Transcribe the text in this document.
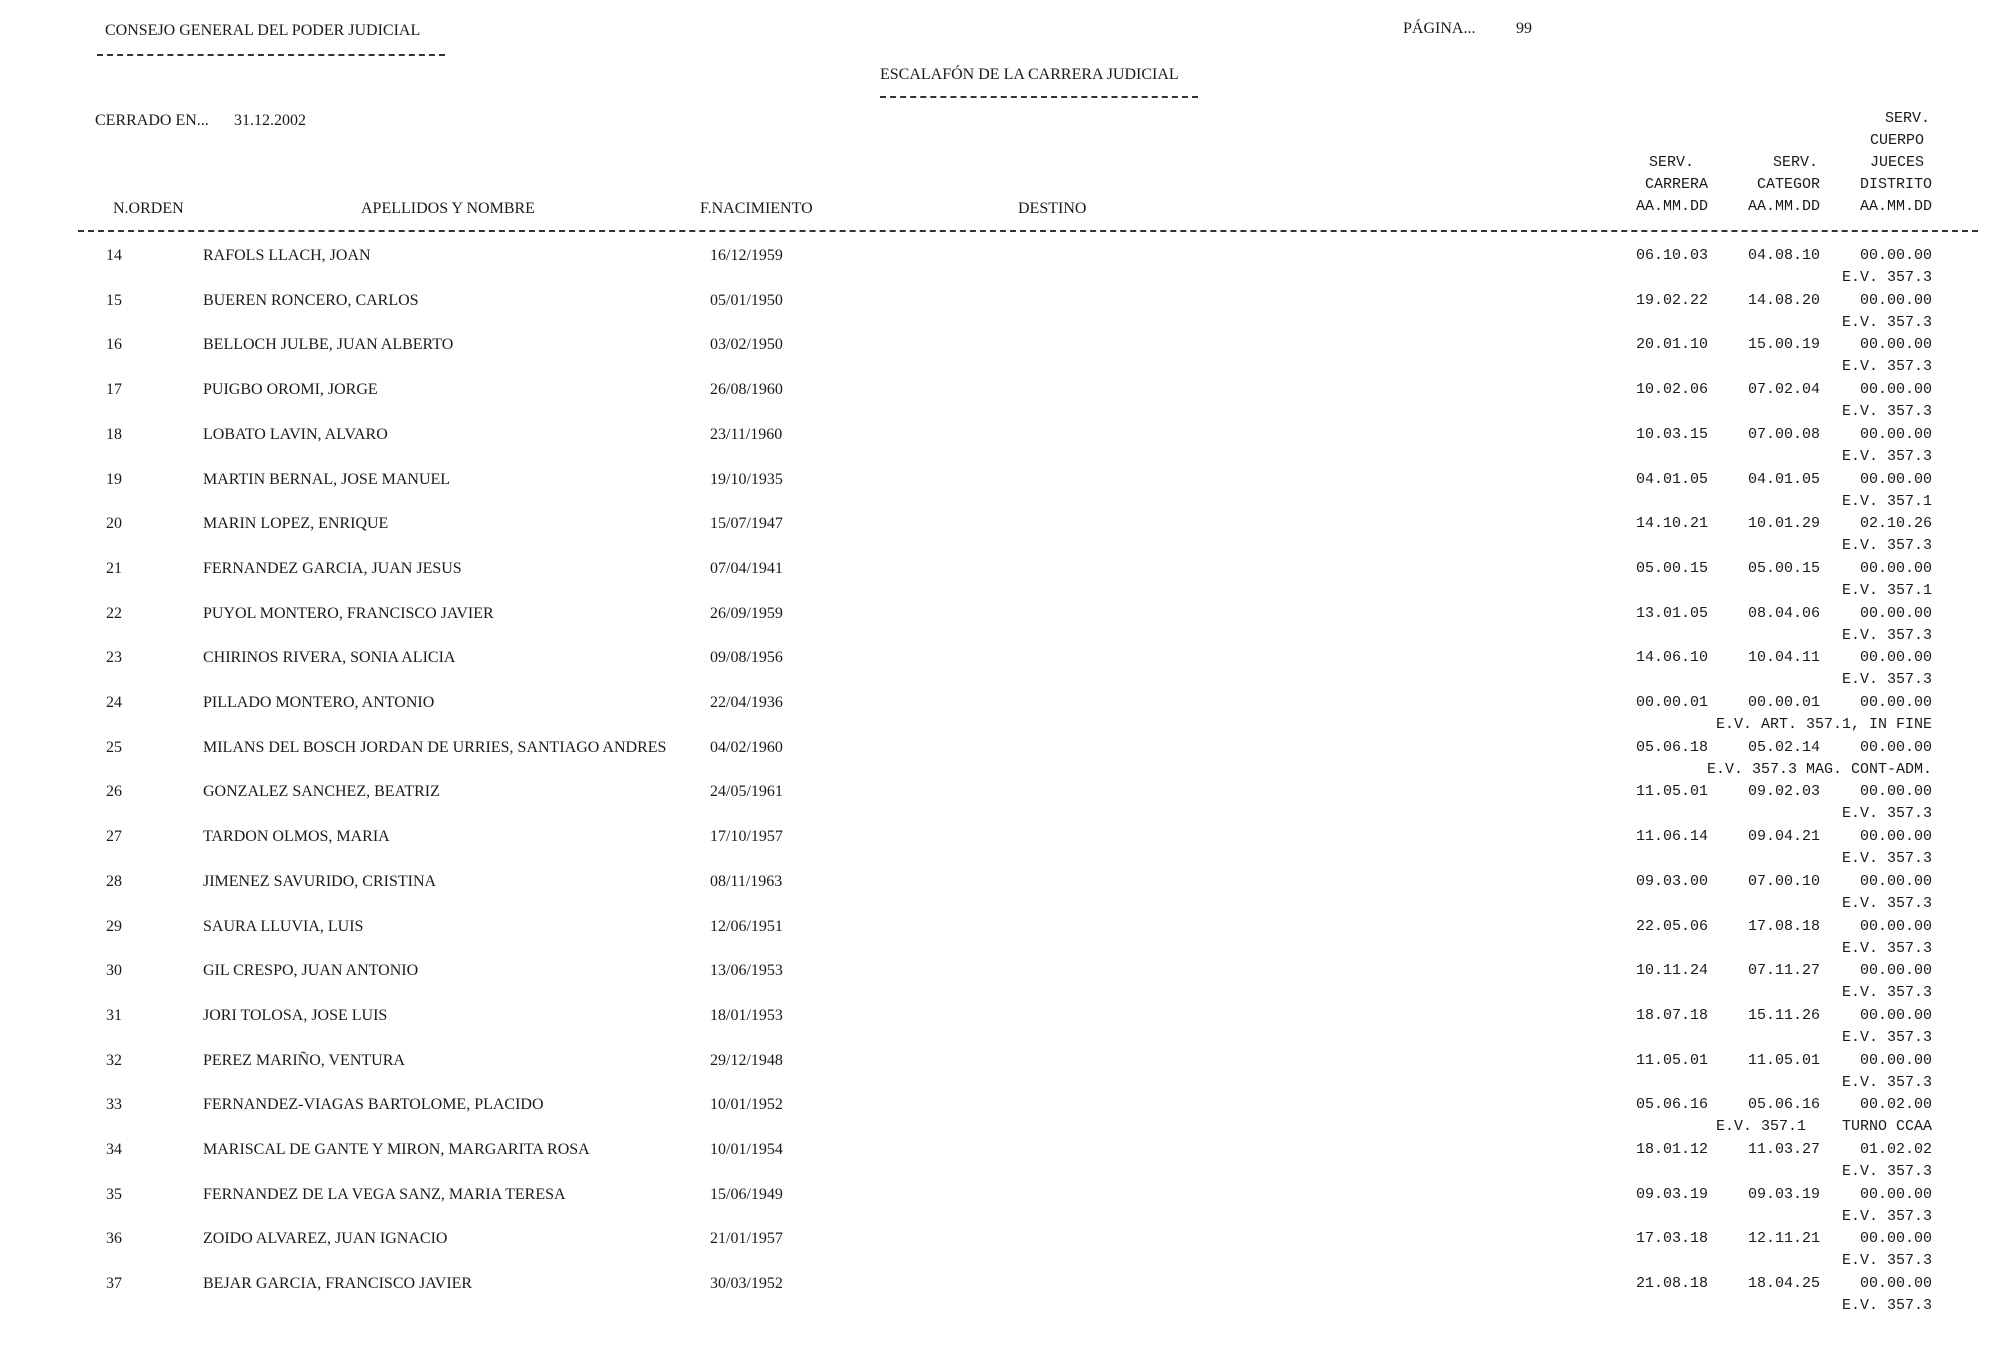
CONSEJO GENERAL DEL PODER JUDICIAL	PÁGINA...	99
ESCALAFÓN DE LA CARRERA JUDICIAL
CERRADO EN... 31.12.2002
N.ORDEN	APELLIDOS Y NOMBRE	F.NACIMIENTO	DESTINO
SERV.
CARRERA
AA.MM.DD
SERV.
CATEGOR
AA.MM.DD
SERV.
CUERPO
JUECES
DISTRITO
AA.MM.DD
14	RAFOLS LLACH, JOAN	16/12/1959	06.10.03	04.08.10	00.00.00
E.V. 357.3
15	BUEREN RONCERO, CARLOS	05/01/1950	19.02.22	14.08.20	00.00.00
E.V. 357.3
16	BELLOCH JULBE, JUAN ALBERTO	03/02/1950	20.01.10	15.00.19	00.00.00
E.V. 357.3
17	PUIGBO OROMI, JORGE	26/08/1960	10.02.06	07.02.04	00.00.00
E.V. 357.3
18	LOBATO LAVIN, ALVARO	23/11/1960	10.03.15	07.00.08	00.00.00
E.V. 357.3
19	MARTIN BERNAL, JOSE MANUEL	19/10/1935	04.01.05	04.01.05	00.00.00
E.V. 357.1
20	MARIN LOPEZ, ENRIQUE	15/07/1947	14.10.21	10.01.29	02.10.26
E.V. 357.3
21	FERNANDEZ GARCIA, JUAN JESUS	07/04/1941	05.00.15	05.00.15	00.00.00
E.V. 357.1
22	PUYOL MONTERO, FRANCISCO JAVIER	26/09/1959	13.01.05	08.04.06	00.00.00
E.V. 357.3
23	CHIRINOS RIVERA, SONIA ALICIA	09/08/1956	14.06.10	10.04.11	00.00.00
E.V. 357.3
24	PILLADO MONTERO, ANTONIO	22/04/1936	00.00.01	00.00.01	00.00.00
E.V. ART. 357.1, IN FINE
25	MILANS DEL BOSCH JORDAN DE URRIES, SANTIAGO ANDRES	04/02/1960	05.06.18	05.02.14	00.00.00
E.V. 357.3 MAG. CONT-ADM.
26	GONZALEZ SANCHEZ, BEATRIZ	24/05/1961	11.05.01	09.02.03	00.00.00
E.V. 357.3
27	TARDON OLMOS, MARIA	17/10/1957	11.06.14	09.04.21	00.00.00
E.V. 357.3
28	JIMENEZ SAVURIDO, CRISTINA	08/11/1963	09.03.00	07.00.10	00.00.00
E.V. 357.3
29	SAURA LLUVIA, LUIS	12/06/1951	22.05.06	17.08.18	00.00.00
E.V. 357.3
30	GIL CRESPO, JUAN ANTONIO	13/06/1953	10.11.24	07.11.27	00.00.00
E.V. 357.3
31	JORI TOLOSA, JOSE LUIS	18/01/1953	18.07.18	15.11.26	00.00.00
E.V. 357.3
32	PEREZ MARIÑO, VENTURA	29/12/1948	11.05.01	11.05.01	00.00.00
E.V. 357.3
33	FERNANDEZ-VIAGAS BARTOLOME, PLACIDO	10/01/1952	05.06.16	05.06.16	00.02.00
E.V. 357.1    TURNO CCAA
34	MARISCAL DE GANTE Y MIRON, MARGARITA ROSA	10/01/1954	18.01.12	11.03.27	01.02.02
E.V. 357.3
35	FERNANDEZ DE LA VEGA SANZ, MARIA TERESA	15/06/1949	09.03.19	09.03.19	00.00.00
E.V. 357.3
36	ZOIDO ALVAREZ, JUAN IGNACIO	21/01/1957	17.03.18	12.11.21	00.00.00
E.V. 357.3
37	BEJAR GARCIA, FRANCISCO JAVIER	30/03/1952	21.08.18	18.04.25	00.00.00
E.V. 357.3
